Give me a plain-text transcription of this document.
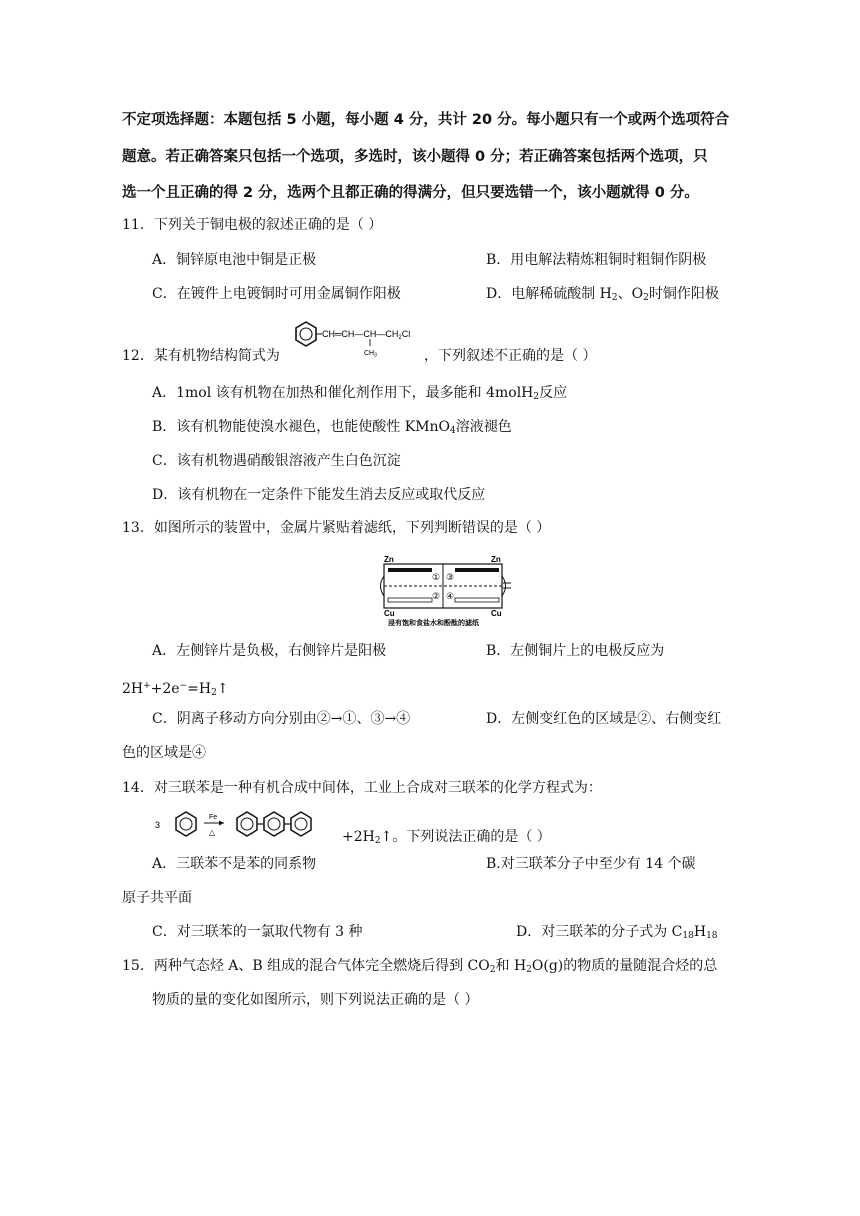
不定项选择题：本题包括 5 小题，每小题 4 分，共计 20 分。每小题只有一个或两个选项符合
题意。若正确答案只包括一个选项，多选时，该小题得 0 分；若正确答案包括两个选项，只
选一个且正确的得 2 分，选两个且都正确的得满分，但只要选错一个，该小题就得 0 分。
11．下列关于铜电极的叙述正确的是（ ）
A．铜锌原电池中铜是正极	B．用电解法精炼粗铜时粗铜作阴极
C．在镀件上电镀铜时可用金属铜作阳极	D．电解稀硫酸制 $H_2$、$O_2$时铜作阳极
$CH═CH—CH—CH_2Cl$
$CH_3$
12．某有机物结构简式为	，下列叙述不正确的是（ ）
A．1mol 该有机物在加热和催化剂作用下，最多能和 4molH$_2$反应
B．该有机物能使溴水褪色，也能使酸性 KMnO$_4$溶液褪色
C．该有机物遇硝酸银溶液产生白色沉淀
D．该有机物在一定条件下能发生消去反应或取代反应
13．如图所示的装置中，金属片紧贴着滤纸，下列判断错误的是（ ）
Zn	Zn
Cu	Cu
①
②
③
④
浸有饱和食盐水和酚酞的滤纸
A．左侧锌片是负极，右侧锌片是阳极	B．左侧铜片上的电极反应为
$2H^++2e^-=H_2↑$
C．阴离子移动方向分别由②→①、③→④	D．左侧变红色的区域是②、右侧变红
色的区域是④
14．对三联苯是一种有机合成中间体，工业上合成对三联苯的化学方程式为：
3
Fe
△	$+2H_2↑$。下列说法正确的是（ ）
A．三联苯不是苯的同系物	B.对三联苯分子中至少有 14 个碳
原子共平面
C．对三联苯的一氯取代物有 3 种	D．对三联苯的分子式为 $C_{18}H_{18}$
15．两种气态烃 A、B 组成的混合气体完全燃烧后得到 $CO_2$和 $H_2O(g)$的物质的量随混合烃的总
物质的量的变化如图所示，则下列说法正确的是（ ）
